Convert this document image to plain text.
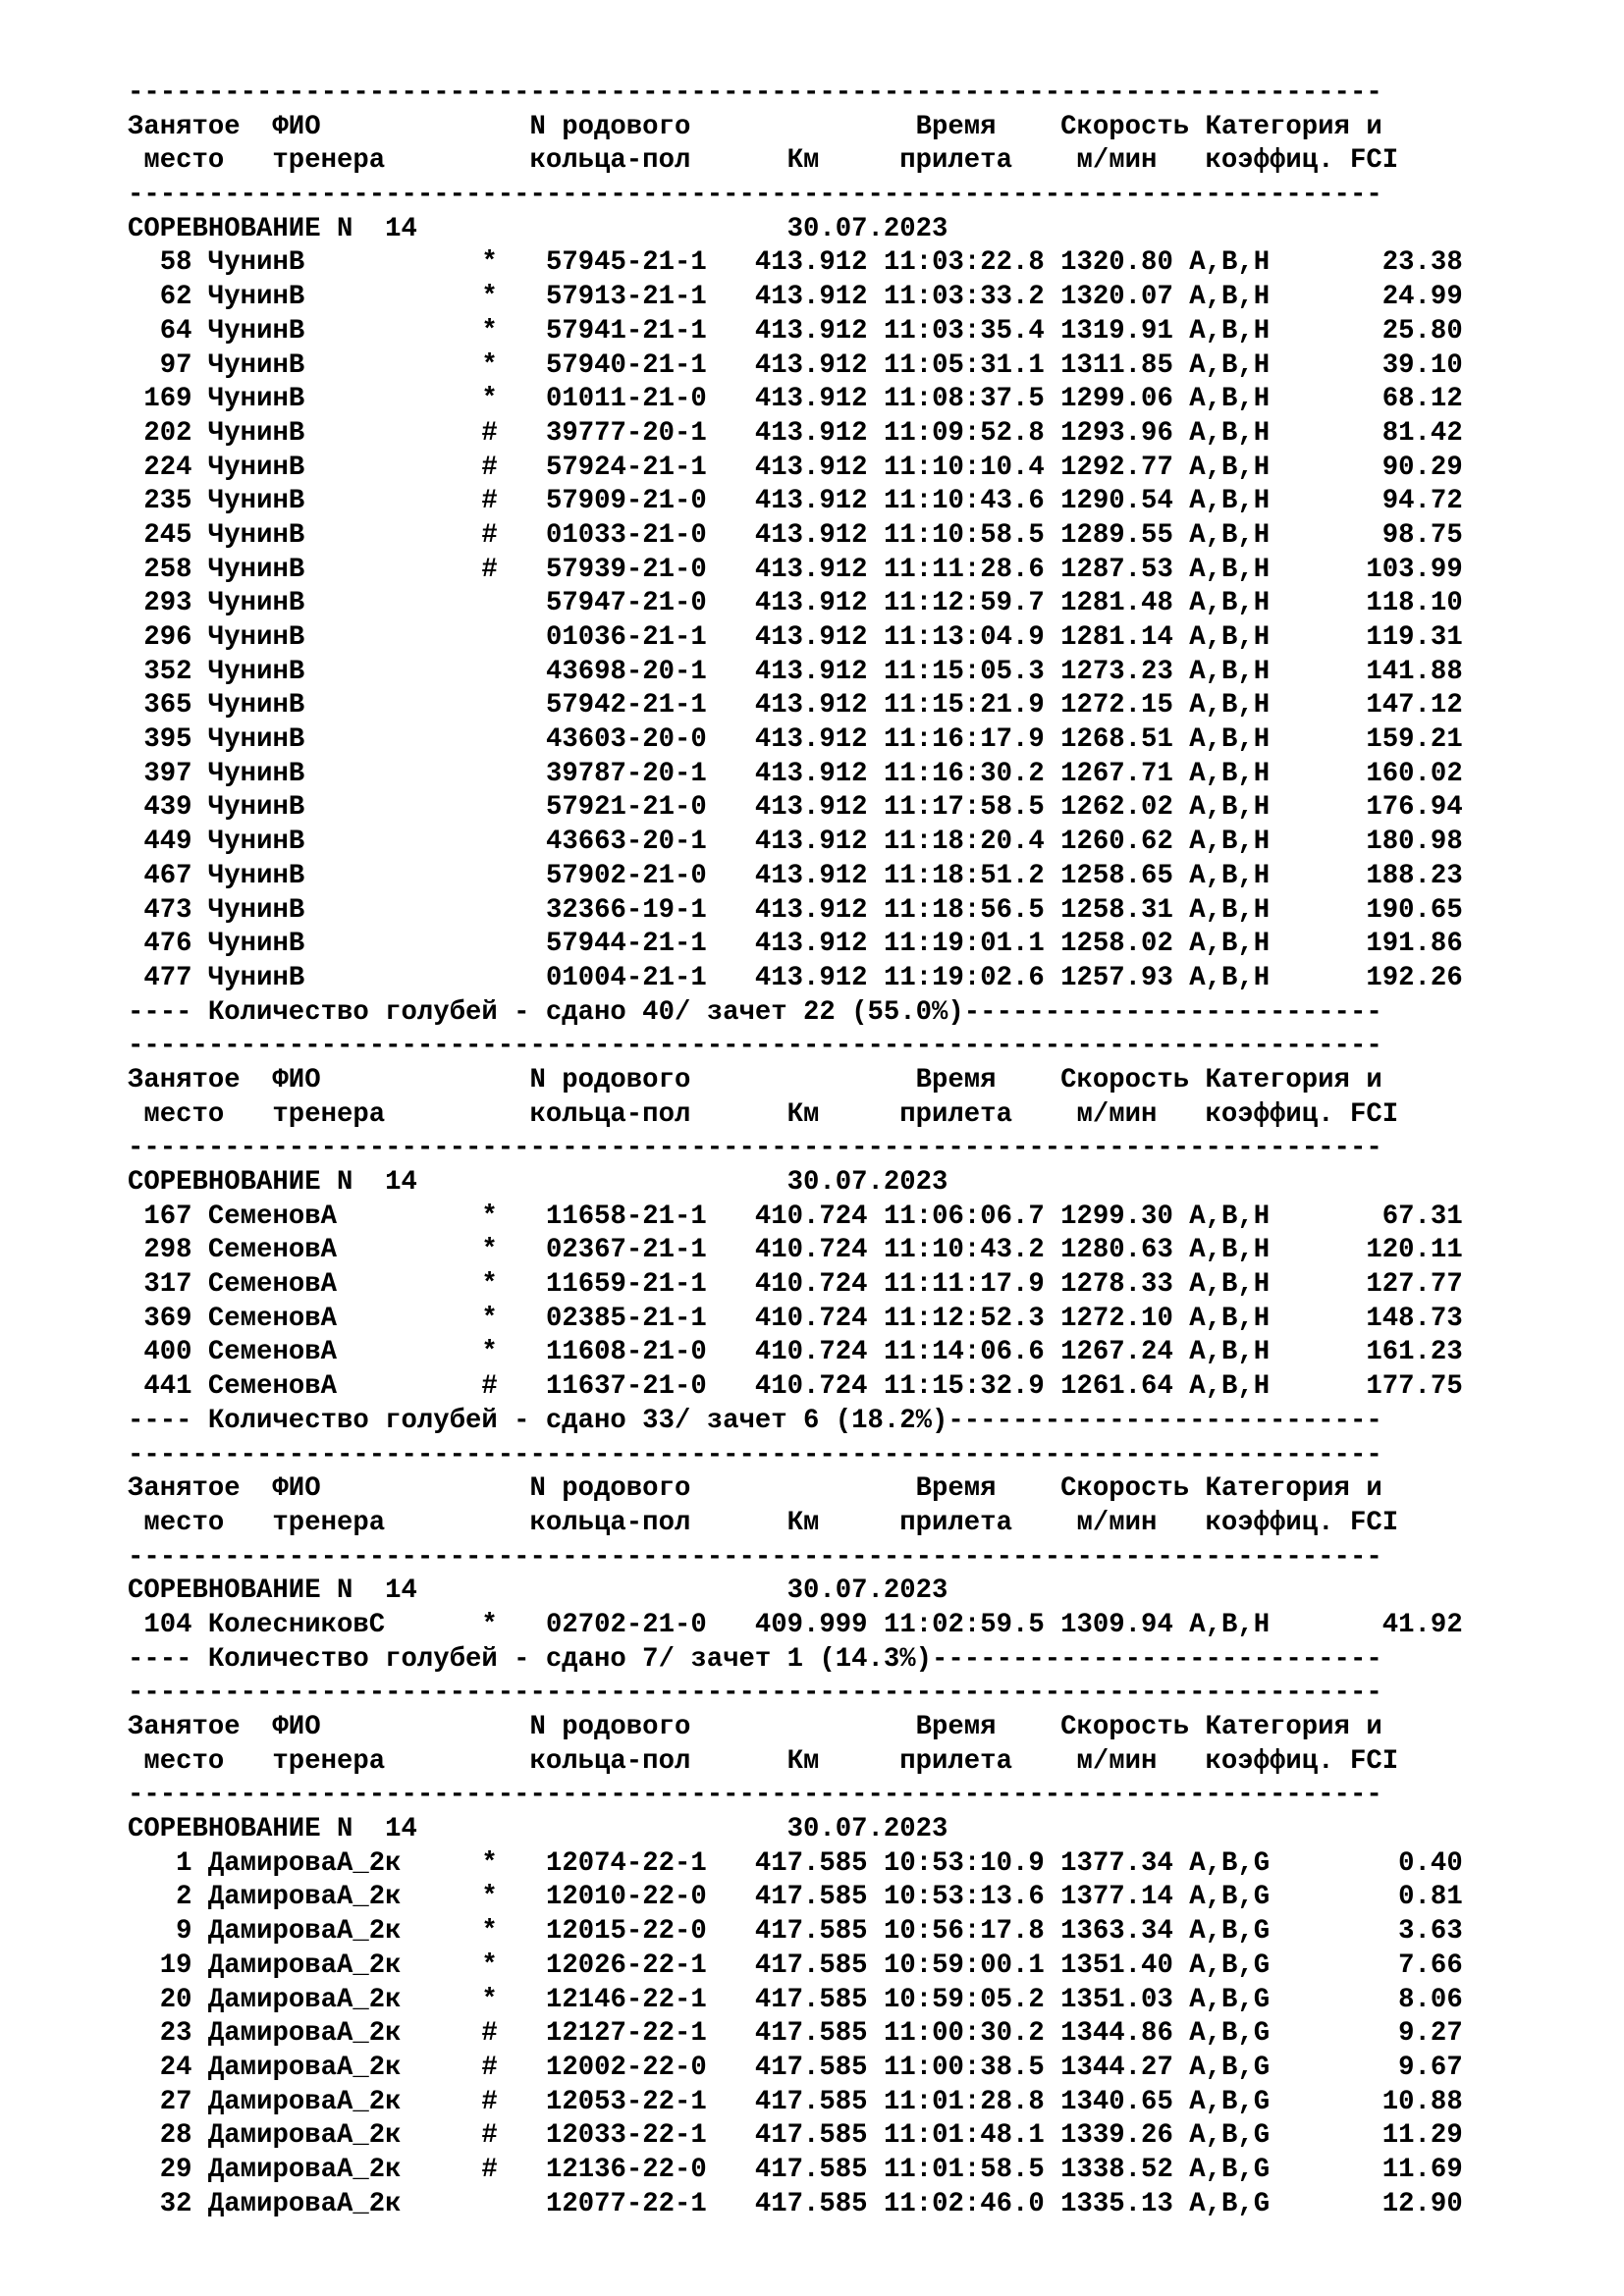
------------------------------------------------------------------------------
Занятое  ФИО             N родового              Время    Скорость Категория и
место   тренера         кольца-пол      Км     прилета    м/мин   коэффиц. FCI
------------------------------------------------------------------------------
СОРЕВНОВАНИЕ N  14                       30.07.2023
58 ЧунинВ           *   57945-21-1   413.912 11:03:22.8 1320.80 A,B,H       23.38
62 ЧунинВ           *   57913-21-1   413.912 11:03:33.2 1320.07 A,B,H       24.99
64 ЧунинВ           *   57941-21-1   413.912 11:03:35.4 1319.91 A,B,H       25.80
97 ЧунинВ           *   57940-21-1   413.912 11:05:31.1 1311.85 A,B,H       39.10
169 ЧунинВ           *   01011-21-0   413.912 11:08:37.5 1299.06 A,B,H       68.12
202 ЧунинВ           #   39777-20-1   413.912 11:09:52.8 1293.96 A,B,H       81.42
224 ЧунинВ           #   57924-21-1   413.912 11:10:10.4 1292.77 A,B,H       90.29
235 ЧунинВ           #   57909-21-0   413.912 11:10:43.6 1290.54 A,B,H       94.72
245 ЧунинВ           #   01033-21-0   413.912 11:10:58.5 1289.55 A,B,H       98.75
258 ЧунинВ           #   57939-21-0   413.912 11:11:28.6 1287.53 A,B,H      103.99
293 ЧунинВ               57947-21-0   413.912 11:12:59.7 1281.48 A,B,H      118.10
296 ЧунинВ               01036-21-1   413.912 11:13:04.9 1281.14 A,B,H      119.31
352 ЧунинВ               43698-20-1   413.912 11:15:05.3 1273.23 A,B,H      141.88
365 ЧунинВ               57942-21-1   413.912 11:15:21.9 1272.15 A,B,H      147.12
395 ЧунинВ               43603-20-0   413.912 11:16:17.9 1268.51 A,B,H      159.21
397 ЧунинВ               39787-20-1   413.912 11:16:30.2 1267.71 A,B,H      160.02
439 ЧунинВ               57921-21-0   413.912 11:17:58.5 1262.02 A,B,H      176.94
449 ЧунинВ               43663-20-1   413.912 11:18:20.4 1260.62 A,B,H      180.98
467 ЧунинВ               57902-21-0   413.912 11:18:51.2 1258.65 A,B,H      188.23
473 ЧунинВ               32366-19-1   413.912 11:18:56.5 1258.31 A,B,H      190.65
476 ЧунинВ               57944-21-1   413.912 11:19:01.1 1258.02 A,B,H      191.86
477 ЧунинВ               01004-21-1   413.912 11:19:02.6 1257.93 A,B,H      192.26
---- Количество голубей - сдано 40/ зачет 22 (55.0%)--------------------------
------------------------------------------------------------------------------
Занятое  ФИО             N родового              Время    Скорость Категория и
место   тренера         кольца-пол      Км     прилета    м/мин   коэффиц. FCI
------------------------------------------------------------------------------
СОРЕВНОВАНИЕ N  14                       30.07.2023
167 СеменовА         *   11658-21-1   410.724 11:06:06.7 1299.30 A,B,H       67.31
298 СеменовА         *   02367-21-1   410.724 11:10:43.2 1280.63 A,B,H      120.11
317 СеменовА         *   11659-21-1   410.724 11:11:17.9 1278.33 A,B,H      127.77
369 СеменовА         *   02385-21-1   410.724 11:12:52.3 1272.10 A,B,H      148.73
400 СеменовА         *   11608-21-0   410.724 11:14:06.6 1267.24 A,B,H      161.23
441 СеменовА         #   11637-21-0   410.724 11:15:32.9 1261.64 A,B,H      177.75
---- Количество голубей - сдано 33/ зачет 6 (18.2%)---------------------------
------------------------------------------------------------------------------
Занятое  ФИО             N родового              Время    Скорость Категория и
место   тренера         кольца-пол      Км     прилета    м/мин   коэффиц. FCI
------------------------------------------------------------------------------
СОРЕВНОВАНИЕ N  14                       30.07.2023
104 КолесниковС      *   02702-21-0   409.999 11:02:59.5 1309.94 A,B,H       41.92
---- Количество голубей - сдано 7/ зачет 1 (14.3%)----------------------------
------------------------------------------------------------------------------
Занятое  ФИО             N родового              Время    Скорость Категория и
место   тренера         кольца-пол      Км     прилета    м/мин   коэффиц. FCI
------------------------------------------------------------------------------
СОРЕВНОВАНИЕ N  14                       30.07.2023
1 ДамироваА_2к     *   12074-22-1   417.585 10:53:10.9 1377.34 A,B,G        0.40
2 ДамироваА_2к     *   12010-22-0   417.585 10:53:13.6 1377.14 A,B,G        0.81
9 ДамироваА_2к     *   12015-22-0   417.585 10:56:17.8 1363.34 A,B,G        3.63
19 ДамироваА_2к     *   12026-22-1   417.585 10:59:00.1 1351.40 A,B,G        7.66
20 ДамироваА_2к     *   12146-22-1   417.585 10:59:05.2 1351.03 A,B,G        8.06
23 ДамироваА_2к     #   12127-22-1   417.585 11:00:30.2 1344.86 A,B,G        9.27
24 ДамироваА_2к     #   12002-22-0   417.585 11:00:38.5 1344.27 A,B,G        9.67
27 ДамироваА_2к     #   12053-22-1   417.585 11:01:28.8 1340.65 A,B,G       10.88
28 ДамироваА_2к     #   12033-22-1   417.585 11:01:48.1 1339.26 A,B,G       11.29
29 ДамироваА_2к     #   12136-22-0   417.585 11:01:58.5 1338.52 A,B,G       11.69
32 ДамироваА_2к         12077-22-1   417.585 11:02:46.0 1335.13 A,B,G       12.90
